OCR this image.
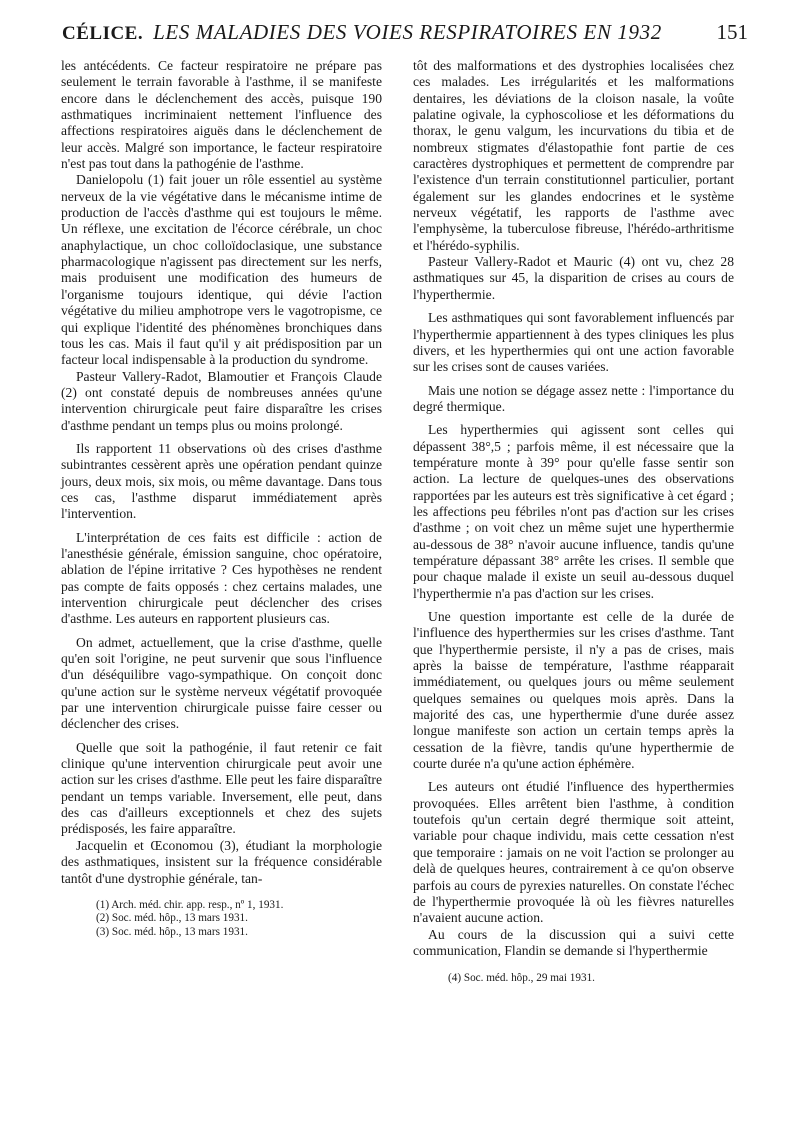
CÉLICE. LES MALADIES DES VOIES RESPIRATOIRES EN 1932	151

les antécédents. Ce facteur respiratoire ne prépare pas seulement le terrain favorable à l'asthme, il se manifeste encore dans le déclenchement des accès, puisque 190 asthmatiques incriminaient nettement l'influence des affections respiratoires aiguës dans le déclenchement de leur accès. Malgré son importance, le facteur respiratoire n'est pas tout dans la pathogénie de l'asthme.

Danielopolu (1) fait jouer un rôle essentiel au système nerveux de la vie végétative dans le mécanisme intime de production de l'accès d'asthme qui est toujours le même. Un réflexe, une excitation de l'écorce cérébrale, un choc anaphylactique, un choc colloïdoclasique, une substance pharmacologique n'agissent pas directement sur les nerfs, mais produisent une modification des humeurs de l'organisme toujours identique, qui dévie l'action végétative du milieu amphotrope vers le vagotropisme, ce qui explique l'identité des phénomènes bronchiques dans tous les cas. Mais il faut qu'il y ait prédisposition par un facteur local indispensable à la production du syndrome.

Pasteur Vallery-Radot, Blamoutier et François Claude (2) ont constaté depuis de nombreuses années qu'une intervention chirurgicale peut faire disparaître les crises d'asthme pendant un temps plus ou moins prolongé.

Ils rapportent 11 observations où des crises d'asthme subintrantes cessèrent après une opération pendant quinze jours, deux mois, six mois, ou même davantage. Dans tous ces cas, l'asthme disparut immédiatement après l'intervention.

L'interprétation de ces faits est difficile : action de l'anesthésie générale, émission sanguine, choc opératoire, ablation de l'épine irritative ? Ces hypothèses ne rendent pas compte de faits opposés : chez certains malades, une intervention chirurgicale peut déclencher des crises d'asthme. Les auteurs en rapportent plusieurs cas.

On admet, actuellement, que la crise d'asthme, quelle qu'en soit l'origine, ne peut survenir que sous l'influence d'un déséquilibre vago-sympathique. On conçoit donc qu'une action sur le système nerveux végétatif provoquée par une intervention chirurgicale puisse faire cesser ou déclencher des crises.

Quelle que soit la pathogénie, il faut retenir ce fait clinique qu'une intervention chirurgicale peut avoir une action sur les crises d'asthme. Elle peut les faire disparaître pendant un temps variable. Inversement, elle peut, dans des cas d'ailleurs exceptionnels et chez des sujets prédisposés, les faire apparaître.

Jacquelin et Œconomou (3), étudiant la morphologie des asthmatiques, insistent sur la fréquence considérable tantôt d'une dystrophie générale, tan-

(1) Arch. méd. chir. app. resp., nº 1, 1931.

(2) Soc. méd. hôp., 13 mars 1931.

(3) Soc. méd. hôp., 13 mars 1931.

tôt des malformations et des dystrophies localisées chez ces malades. Les irrégularités et les malformations dentaires, les déviations de la cloison nasale, la voûte palatine ogivale, la cyphoscoliose et les déformations du thorax, le genu valgum, les incurvations du tibia et de nombreux stigmates d'élastopathie font partie de ces caractères dystrophiques et permettent de comprendre par l'existence d'un terrain constitutionnel particulier, portant également sur les glandes endocrines et le système nerveux végétatif, les rapports de l'asthme avec l'emphysème, la tuberculose fibreuse, l'hérédo-arthritisme et l'hérédo-syphilis.

Pasteur Vallery-Radot et Mauric (4) ont vu, chez 28 asthmatiques sur 45, la disparition de crises au cours de l'hyperthermie.

Les asthmatiques qui sont favorablement influencés par l'hyperthermie appartiennent à des types cliniques les plus divers, et les hyperthermies qui ont une action favorable sur les crises sont de causes variées.

Mais une notion se dégage assez nette : l'importance du degré thermique.

Les hyperthermies qui agissent sont celles qui dépassent 38°,5 ; parfois même, il est nécessaire que la température monte à 39° pour qu'elle fasse sentir son action. La lecture de quelques-unes des observations rapportées par les auteurs est très significative à cet égard ; les affections peu fébriles n'ont pas d'action sur les crises d'asthme ; on voit chez un même sujet une hyperthermie au-dessous de 38° n'avoir aucune influence, tandis qu'une température dépassant 38° arrête les crises. Il semble que pour chaque malade il existe un seuil au-dessous duquel l'hyperthermie n'a pas d'action sur les crises.

Une question importante est celle de la durée de l'influence des hyperthermies sur les crises d'asthme. Tant que l'hyperthermie persiste, il n'y a pas de crises, mais après la baisse de température, l'asthme réapparait immédiatement, ou quelques jours ou même seulement quelques semaines ou quelques mois après. Dans la majorité des cas, une hyperthermie d'une durée assez longue manifeste son action un certain temps après la cessation de la fièvre, tandis qu'une hyperthermie de courte durée n'a qu'une action éphémère.

Les auteurs ont étudié l'influence des hyperthermies provoquées. Elles arrêtent bien l'asthme, à condition toutefois qu'un certain degré thermique soit atteint, variable pour chaque individu, mais cette cessation n'est que temporaire : jamais on ne voit l'action se prolonger au delà de quelques heures, contrairement à ce qu'on observe parfois au cours de pyrexies naturelles. On constate l'échec de l'hyperthermie provoquée là où les fièvres naturelles n'avaient aucune action.

Au cours de la discussion qui a suivi cette communication, Flandin se demande si l'hyperthermie

(4) Soc. méd. hôp., 29 mai 1931.
